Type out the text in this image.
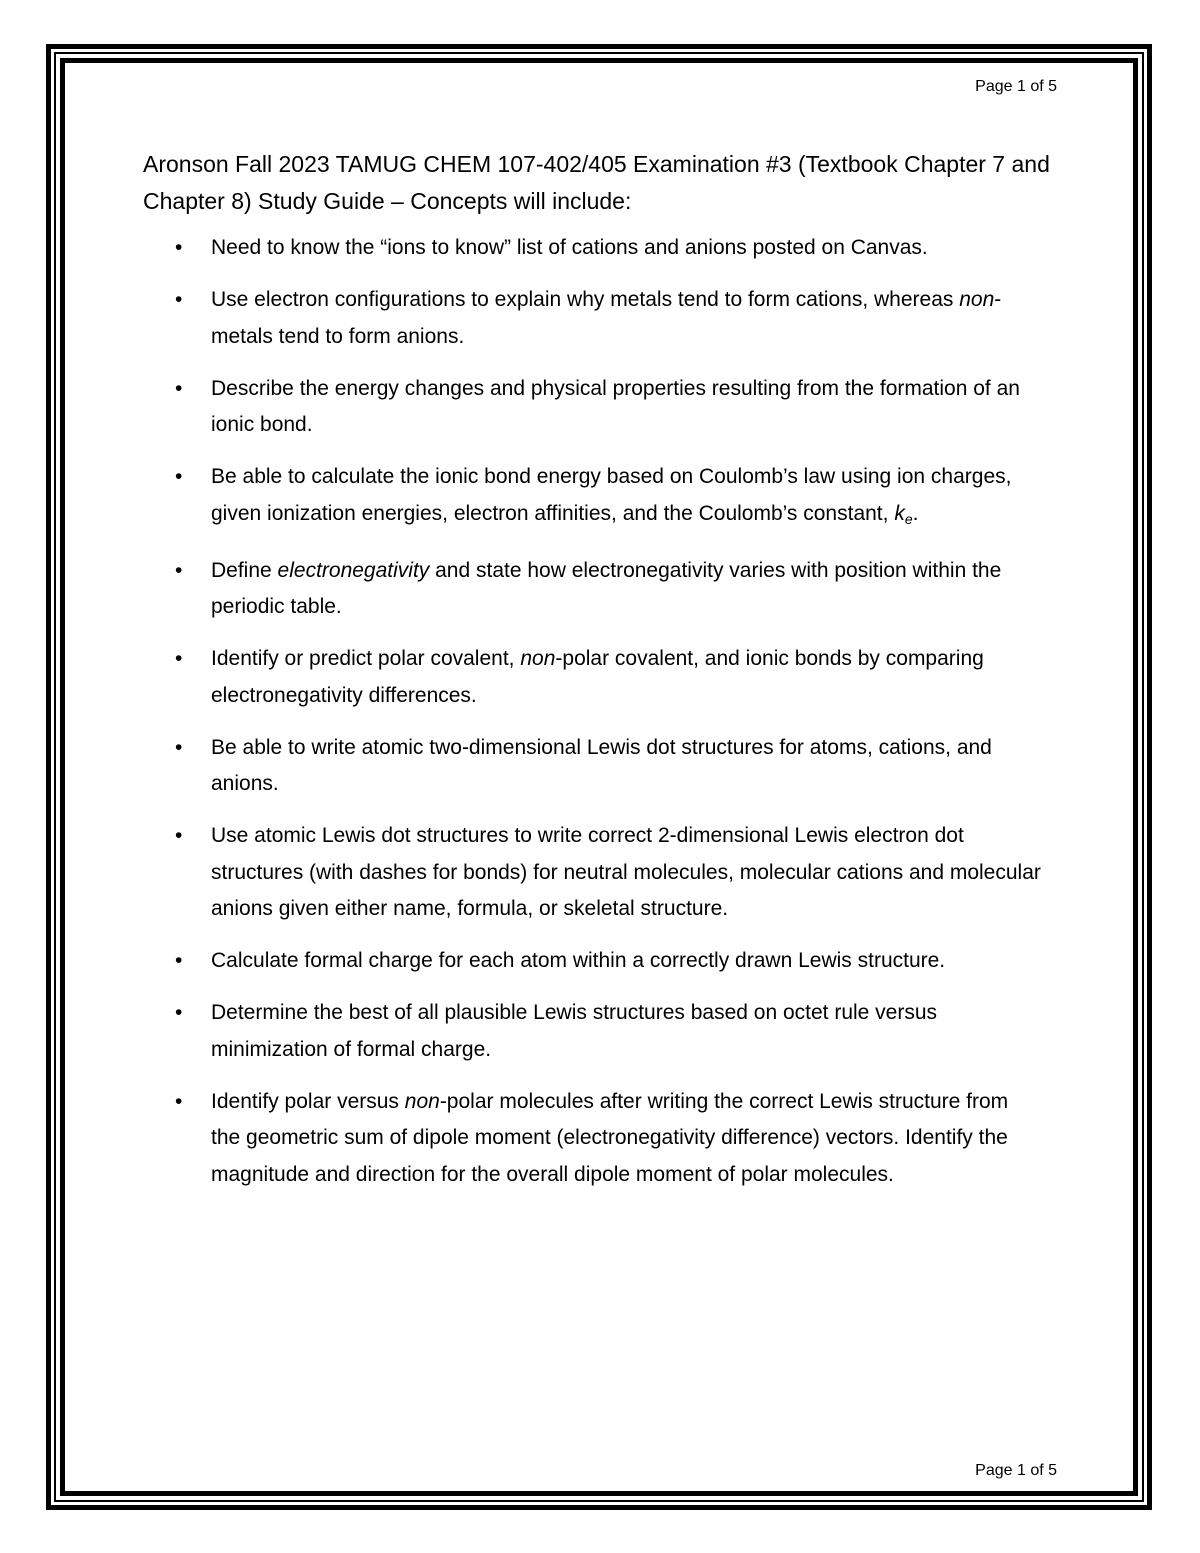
Page 1 of 5
Aronson Fall 2023 TAMUG CHEM 107-402/405 Examination #3 (Textbook Chapter 7 and Chapter 8) Study Guide – Concepts will include:
• Need to know the “ions to know” list of cations and anions posted on Canvas.
• Use electron configurations to explain why metals tend to form cations, whereas non-metals tend to form anions.
• Describe the energy changes and physical properties resulting from the formation of an ionic bond.
• Be able to calculate the ionic bond energy based on Coulomb’s law using ion charges, given ionization energies, electron affinities, and the Coulomb’s constant, $k_e$.
• Define electronegativity and state how electronegativity varies with position within the periodic table.
• Identify or predict polar covalent, non-polar covalent, and ionic bonds by comparing electronegativity differences.
• Be able to write atomic two-dimensional Lewis dot structures for atoms, cations, and anions.
• Use atomic Lewis dot structures to write correct 2-dimensional Lewis electron dot structures (with dashes for bonds) for neutral molecules, molecular cations and molecular anions given either name, formula, or skeletal structure.
• Calculate formal charge for each atom within a correctly drawn Lewis structure.
• Determine the best of all plausible Lewis structures based on octet rule versus minimization of formal charge.
• Identify polar versus non-polar molecules after writing the correct Lewis structure from the geometric sum of dipole moment (electronegativity difference) vectors. Identify the magnitude and direction for the overall dipole moment of polar molecules.
Page 1 of 5
